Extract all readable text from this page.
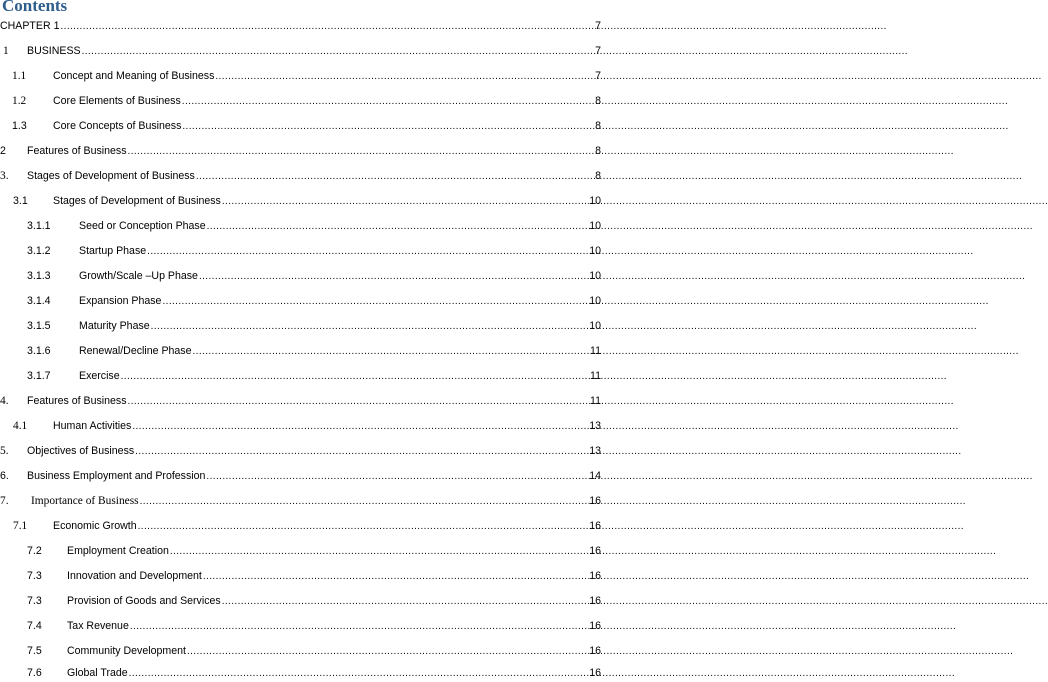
Contents
CHAPTER 1 .....	7
1	BUSINESS .....	7
1.1	Concept and Meaning of Business .....	7
1.2	Core Elements of Business .....	8
1.3	Core Concepts of Business .....	8
2	Features of Business .....	8
3.	Stages of Development of Business .....	8
3.1	Stages of Development of Business .....	10
3.1.1	Seed or Conception Phase .....	10
3.1.2	Startup Phase .....	10
3.1.3	Growth/Scale –Up Phase .....	10
3.1.4	Expansion Phase .....	10
3.1.5	Maturity Phase .....	10
3.1.6	Renewal/Decline Phase .....	11
3.1.7	Exercise .....	11
4.	Features of Business .....	11
4.1	Human Activities .....	13
5.	Objectives of Business .....	13
6.	Business Employment and Profession .....	14
7.	Importance of Business .....	16
7.1	Economic Growth .....	16
7.2	Employment Creation .....	16
7.3	Innovation and Development .....	16
7.3	Provision of Goods and Services .....	16
7.4	Tax Revenue .....	16
7.5	Community Development .....	16
7.6	Global Trade .....	16
